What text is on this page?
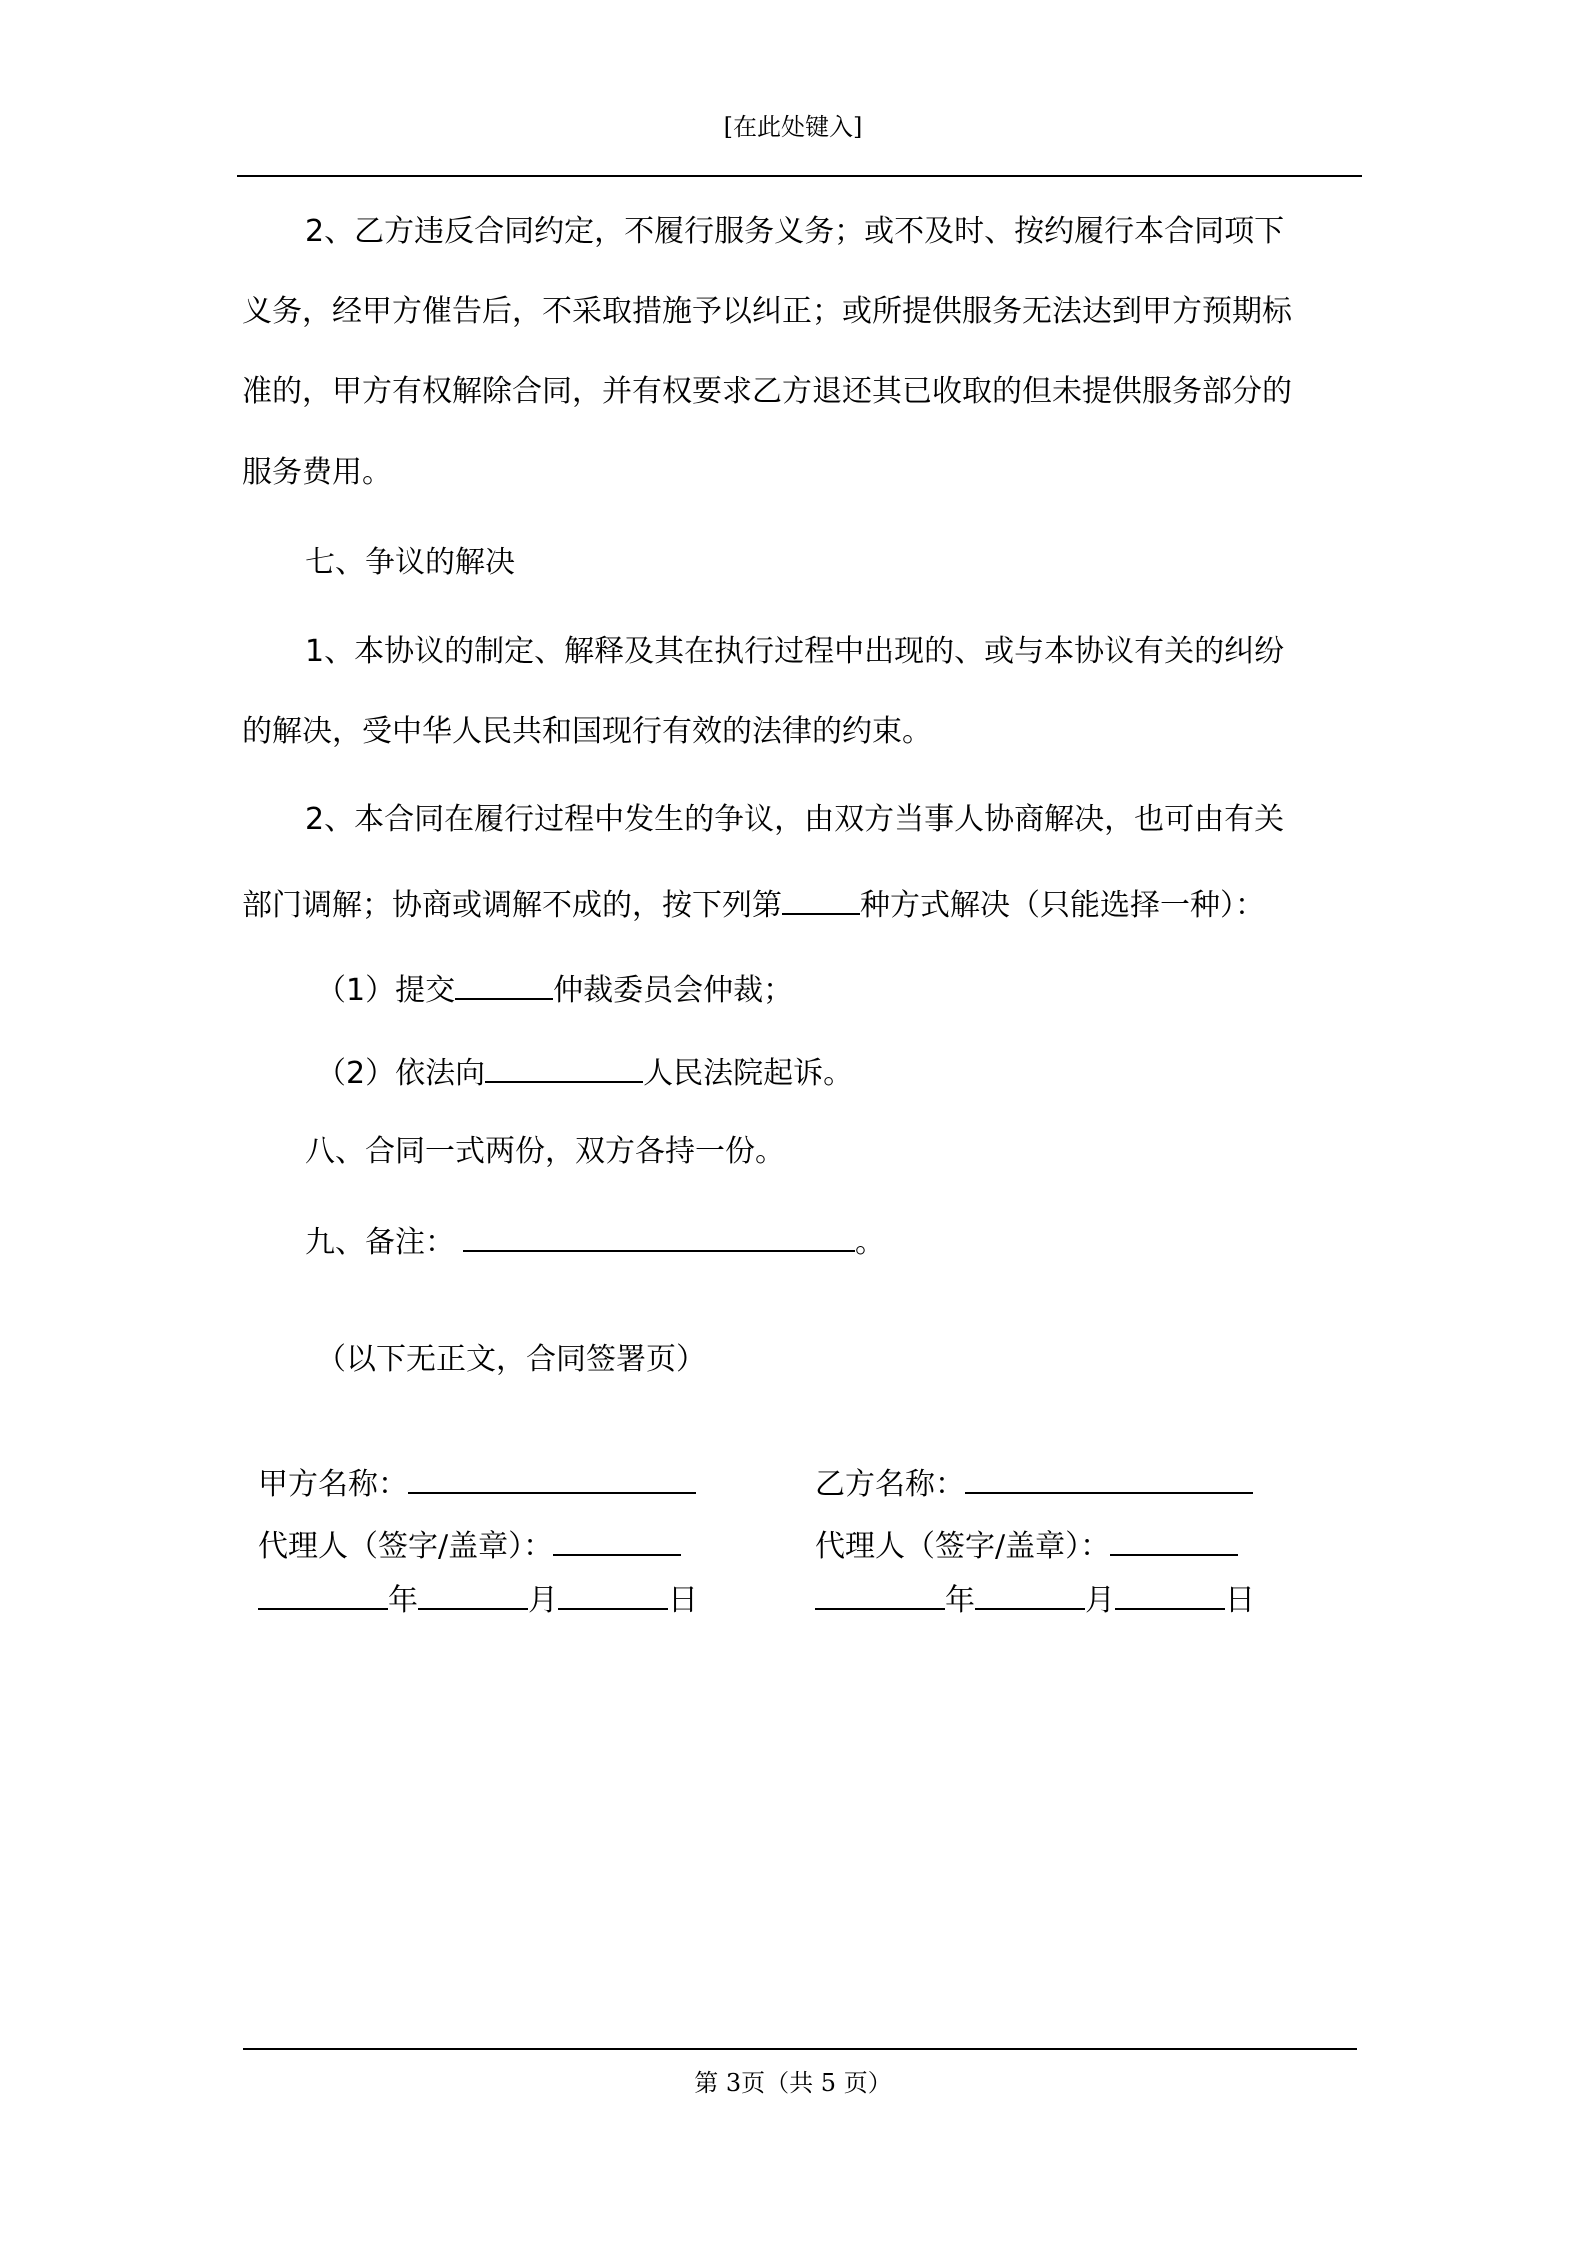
[在此处键入]
2、乙方违反合同约定，不履行服务义务；或不及时、按约履行本合同项下
义务，经甲方催告后，不采取措施予以纠正；或所提供服务无法达到甲方预期标
准的，甲方有权解除合同，并有权要求乙方退还其已收取的但未提供服务部分的
服务费用。
七、争议的解决
1、本协议的制定、解释及其在执行过程中出现的、或与本协议有关的纠纷
的解决，受中华人民共和国现行有效的法律的约束。
2、本合同在履行过程中发生的争议，由双方当事人协商解决，也可由有关
部门调解；协商或调解不成的，按下列第	种方式解决（只能选择一种）：
（1）提交	仲裁委员会仲裁；
（2）依法向	人民法院起诉。
八、合同一式两份，双方各持一份。
九、备注：	。
（以下无正文，合同签署页）
甲方名称：
代理人（签字/盖章）：
年	月	日
乙方名称：
代理人（签字/盖章）：
年	月	日
第 3页（共 5 页）
